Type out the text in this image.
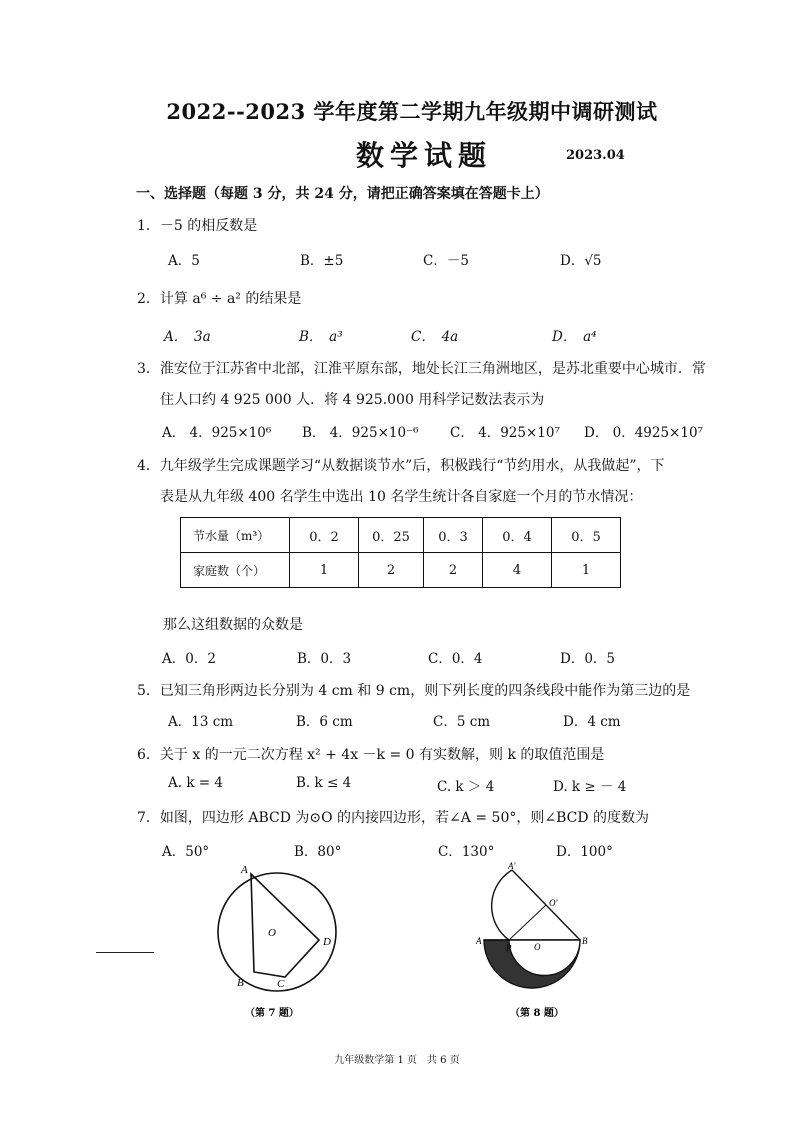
2022--2023 学年度第二学期九年级期中调研测试
数学试题	2023.04
一、选择题（每题 3 分，共 24 分，请把正确答案填在答题卡上）
1．－5 的相反数是
A．5	B．±5	C．－5	D．√5
2．计算 a⁶ ÷ a² 的结果是
A．　3a	B．　a³	C．　4a	D．　a⁴
3．淮安位于江苏省中北部，江淮平原东部，地处长江三角洲地区，是苏北重要中心城市．常
住人口约 4 925 000 人．将 4 925.000 用科学记数法表示为
A． 4．925×10⁶ B． 4．925×10⁻⁶ C． 4．925×10⁷ D． 0．4925×10⁷
4．九年级学生完成课题学习“从数据谈节水”后，积极践行“节约用水，从我做起”，下
表是从九年级 400 名学生中选出 10 名学生统计各自家庭一个月的节水情况：
节水量（m³）	0．2	0．25	0．3	0．4	0．5
家庭数（个）	1	2	2	4	1
那么这组数据的众数是
A．0．2	B．0．3	C．0．4	D．0．5
5．已知三角形两边长分别为 4 cm 和 9 cm，则下列长度的四条线段中能作为第三边的是
A．13 cm	B．6 cm	C．5 cm	D．4 cm
6．关于 x 的一元二次方程 x² + 4x －k = 0 有实数解，则 k 的取值范围是
A. k = 4	B. k ≤ 4	C. k ＞ 4	D. k ≥ － 4
7．如图，四边形 ABCD 为⊙O 的内接四边形，若∠A = 50°，则∠BCD 的度数为
A．50°	B．80°	C．130°	D．100°
A
B	C
D
O
（第 7 题）
A'
O'
A
P	O
B
（第 8 题）
九年级数学第 1 页　共 6 页
